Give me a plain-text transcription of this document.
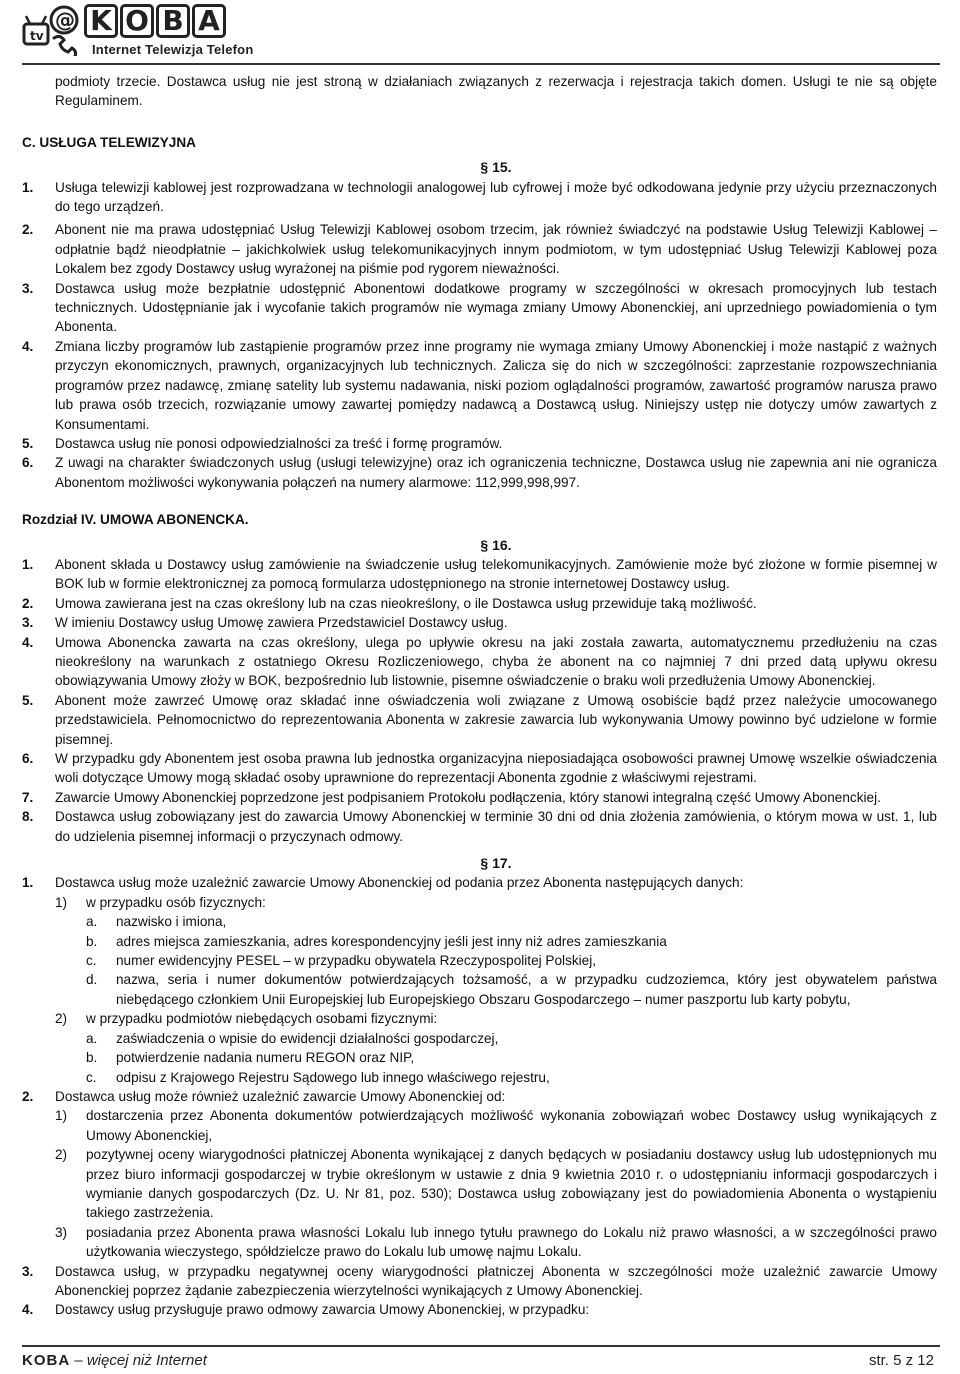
tv
@ K O B A
Internet Telewizja Telefon

podmioty trzecie. Dostawca usług nie jest stroną w działaniach związanych z rezerwacja i rejestracja takich domen. Usługi te nie są objęte Regulaminem.

C. USŁUGA TELEWIZYJNA
§ 15.
1. Usługa telewizji kablowej jest rozprowadzana w technologii analogowej lub cyfrowej i może być odkodowana jedynie przy użyciu przeznaczonych do tego urządzeń.
2. Abonent nie ma prawa udostępniać Usług Telewizji Kablowej osobom trzecim, jak również świadczyć na podstawie Usług Telewizji Kablowej – odpłatnie bądź nieodpłatnie – jakichkolwiek usług telekomunikacyjnych innym podmiotom, w tym udostępniać Usług Telewizji Kablowej poza Lokalem bez zgody Dostawcy usług wyrażonej na piśmie pod rygorem nieważności.
3. Dostawca usług może bezpłatnie udostępnić Abonentowi dodatkowe programy w szczególności w okresach promocyjnych lub testach technicznych. Udostępnianie jak i wycofanie takich programów nie wymaga zmiany Umowy Abonenckiej, ani uprzedniego powiadomienia o tym Abonenta.
4. Zmiana liczby programów lub zastąpienie programów przez inne programy nie wymaga zmiany Umowy Abonenckiej i może nastąpić z ważnych przyczyn ekonomicznych, prawnych, organizacyjnych lub technicznych. Zalicza się do nich w szczególności: zaprzestanie rozpowszechniania programów przez nadawcę, zmianę satelity lub systemu nadawania, niski poziom oglądalności programów, zawartość programów narusza prawo lub prawa osób trzecich, rozwiązanie umowy zawartej pomiędzy nadawcą a Dostawcą usług. Niniejszy ustęp nie dotyczy umów zawartych z Konsumentami.
5. Dostawca usług nie ponosi odpowiedzialności za treść i formę programów.
6. Z uwagi na charakter świadczonych usług (usługi telewizyjne) oraz ich ograniczenia techniczne, Dostawca usług nie zapewnia ani nie ogranicza Abonentom możliwości wykonywania połączeń na numery alarmowe: 112,999,998,997.
Rozdział IV. UMOWA ABONENCKA.
§ 16.
1. Abonent składa u Dostawcy usług zamówienie na świadczenie usług telekomunikacyjnych. Zamówienie może być złożone w formie pisemnej w BOK lub w formie elektronicznej za pomocą formularza udostępnionego na stronie internetowej Dostawcy usług.
2. Umowa zawierana jest na czas określony lub na czas nieokreślony, o ile Dostawca usług przewiduje taką możliwość.
3. W imieniu Dostawcy usług Umowę zawiera Przedstawiciel Dostawcy usług.
4. Umowa Abonencka zawarta na czas określony, ulega po upływie okresu na jaki została zawarta, automatycznemu przedłużeniu na czas nieokreślony na warunkach z ostatniego Okresu Rozliczeniowego, chyba że abonent na co najmniej 7 dni przed datą upływu okresu obowiązywania Umowy złoży w BOK, bezpośrednio lub listownie, pisemne oświadczenie o braku woli przedłużenia Umowy Abonenckiej.
5. Abonent może zawrzeć Umowę oraz składać inne oświadczenia woli związane z Umową osobiście bądź przez należycie umocowanego przedstawiciela. Pełnomocnictwo do reprezentowania Abonenta w zakresie zawarcia lub wykonywania Umowy powinno być udzielone w formie pisemnej.
6. W przypadku gdy Abonentem jest osoba prawna lub jednostka organizacyjna nieposiadająca osobowości prawnej Umowę wszelkie oświadczenia woli dotyczące Umowy mogą składać osoby uprawnione do reprezentacji Abonenta zgodnie z właściwymi rejestrami.
7. Zawarcie Umowy Abonenckiej poprzedzone jest podpisaniem Protokołu podłączenia, który stanowi integralną część Umowy Abonenckiej.
8. Dostawca usług zobowiązany jest do zawarcia Umowy Abonenckiej w terminie 30 dni od dnia złożenia zamówienia, o którym mowa w ust. 1, lub do udzielenia pisemnej informacji o przyczynach odmowy.
§ 17.
1. Dostawca usług może uzależnić zawarcie Umowy Abonenckiej od podania przez Abonenta następujących danych:
1) w przypadku osób fizycznych:
a. nazwisko i imiona,
b. adres miejsca zamieszkania, adres korespondencyjny jeśli jest inny niż adres zamieszkania
c. numer ewidencyjny PESEL – w przypadku obywatela Rzeczypospolitej Polskiej,
d. nazwa, seria i numer dokumentów potwierdzających tożsamość, a w przypadku cudzoziemca, który jest obywatelem państwa niebędącego członkiem Unii Europejskiej lub Europejskiego Obszaru Gospodarczego – numer paszportu lub karty pobytu,
2) w przypadku podmiotów niebędących osobami fizycznymi:
a. zaświadczenia o wpisie do ewidencji działalności gospodarczej,
b. potwierdzenie nadania numeru REGON oraz NIP,
c. odpisu z Krajowego Rejestru Sądowego lub innego właściwego rejestru,
2. Dostawca usług może również uzależnić zawarcie Umowy Abonenckiej od:
1) dostarczenia przez Abonenta dokumentów potwierdzających możliwość wykonania zobowiązań wobec Dostawcy usług wynikających z Umowy Abonenckiej,
2) pozytywnej oceny wiarygodności płatniczej Abonenta wynikającej z danych będących w posiadaniu dostawcy usług lub udostępnionych mu przez biuro informacji gospodarczej w trybie określonym w ustawie z dnia 9 kwietnia 2010 r. o udostępnianiu informacji gospodarczych i wymianie danych gospodarczych (Dz. U. Nr 81, poz. 530); Dostawca usług zobowiązany jest do powiadomienia Abonenta o wystąpieniu takiego zastrzeżenia.
3) posiadania przez Abonenta prawa własności Lokalu lub innego tytułu prawnego do Lokalu niż prawo własności, a w szczególności prawo użytkowania wieczystego, spółdzielcze prawo do Lokalu lub umowę najmu Lokalu.
3. Dostawca usług, w przypadku negatywnej oceny wiarygodności płatniczej Abonenta w szczególności może uzależnić zawarcie Umowy Abonenckiej poprzez żądanie zabezpieczenia wierzytelności wynikających z Umowy Abonenckiej.
4. Dostawcy usług przysługuje prawo odmowy zawarcia Umowy Abonenckiej, w przypadku:
KOBA – więcej niż Internet	str. 5 z 12
